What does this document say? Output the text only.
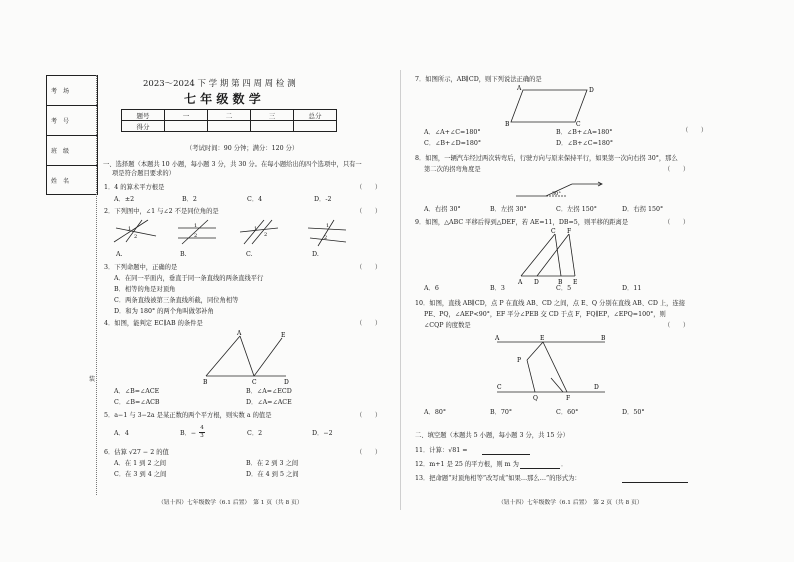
考　场
考　号
班　级
姓　名
装
2023～2024 下 学 期 第 四 周 周 检 测
七 年 级 数 学
题号	一	二	三	总分
得分				
（考试时间：90 分钟；满分：120 分）
一、选择题（本题共 10 小题，每小题 3 分，共 30 分。在每小题给出的四个选项中，只有一
项是符合题目要求的）
1．4 的算术平方根是	（　　）
A．±2	B．2	C．4	D．-2
2．下列图中，∠1 与∠2 不是同位角的是	（　　）
1
2
1
2
1
2
1
2
A.	B.	C.	D.
3．下列命题中，正确的是	（　　）
A．在同一平面内，垂直于同一条直线的两条直线平行
B．相等的角是对顶角
C．两条直线被第三条直线所截，同位角相等
D．和为 180° 的两个角叫做邻补角
4．如图，能判定 EC∥AB 的条件是	（　　）
A	E
B	C	D
A．∠B=∠ACE	B．∠A=∠ECD
C．∠B=∠ACB	D．∠A=∠ACE
5．a−1 与 3−2a 是某正数的两个平方根，则实数 a 的值是	（　　）
A．4	B．−
4
3	C．2	D．−2
6．估算 √27 − 2 的值	（　　）
A．在 1 到 2 之间	B．在 2 到 3 之间
C．在 3 到 4 之间	D．在 4 到 5 之间
（钮十四）七年级数学（6.1 后置）　第 1 页（共 8 页）
7．如图所示，AB∥CD，则下列说法正确的是
A	D
B	C
（　　）
A．∠A+∠C=180°	B．∠B+∠A=180°
C．∠B+∠D=180°	D．∠B+∠C=180°
8．如图，一辆汽车经过两次转弯后，行驶方向与原来保持平行，如果第一次向右拐 30°，那么
第二次的拐弯角度是	（　　）
30°
A．右拐 30°	B．左拐 30°	C．左拐 150°	D．右拐 150°
9．如图，△ABC 平移后得到△DEF，若 AE=11，DB=5，则平移的距离是	（　　）
C F
A D	B E
A．6	B．3	C．5	D．11
10．如图，直线 AB∥CD，点 P 在直线 AB、CD 之间，点 E、Q 分别在直线 AB、CD 上，连接
PE、PQ，∠AEP<90°，EF 平分∠PEB 交 CD 于点 F，FQ∥EP，∠EPQ=100°，则
∠CQP 的度数是	（　　）
A	E	B
P
C
Q	F
D
A．80°	B．70°	C．60°	D．50°
二、填空题（本题共 5 小题，每小题 3 分，共 15 分）
11．计算：√81 =
12．m+1 是 25 的平方根，则 m 为	．
13．把命题“对顶角相等”改写成“如果…那么…”的形式为：
（钮十四）七年级数学（6.1 后置）　第 2 页（共 8 页）
